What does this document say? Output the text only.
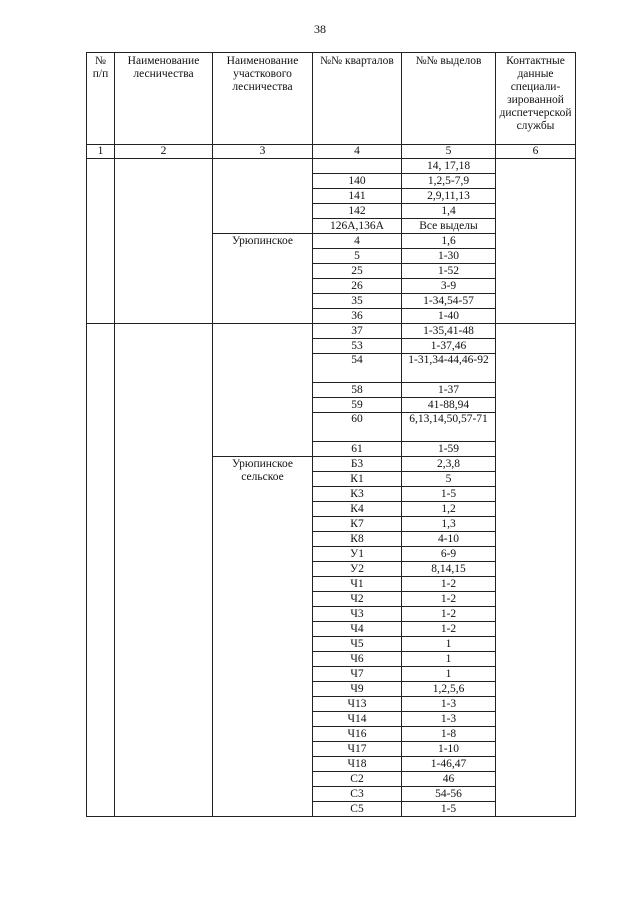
38
№ п/п	Наименование лесничества	Наименование участкового лесничества	№№ кварталов	№№ выделов	Контактные данные специали-зированной диспетчерской службы
1	2	3	4	5	6
				14, 17,18	
			140	1,2,5-7,9	
			141	2,9,11,13	
			142	1,4	
			126А,136А	Все выделы	
		Урюпинское	4	1,6	
			5	1-30	
			25	1-52	
			26	3-9	
			35	1-34,54-57	
			36	1-40	
			37	1-35,41-48	
			53	1-37,46	
			54	1-31,34-44,46-92	
			58	1-37	
			59	41-88,94	
			60	6,13,14,50,57-71	
			61	1-59	
		Урюпинское сельское	Б3	2,3,8	
			К1	5	
			К3	1-5	
			К4	1,2	
			К7	1,3	
			К8	4-10	
			У1	6-9	
			У2	8,14,15	
			Ч1	1-2	
			Ч2	1-2	
			Ч3	1-2	
			Ч4	1-2	
			Ч5	1	
			Ч6	1	
			Ч7	1	
			Ч9	1,2,5,6	
			Ч13	1-3	
			Ч14	1-3	
			Ч16	1-8	
			Ч17	1-10	
			Ч18	1-46,47	
			С2	46	
			С3	54-56	
			С5	1-5	
